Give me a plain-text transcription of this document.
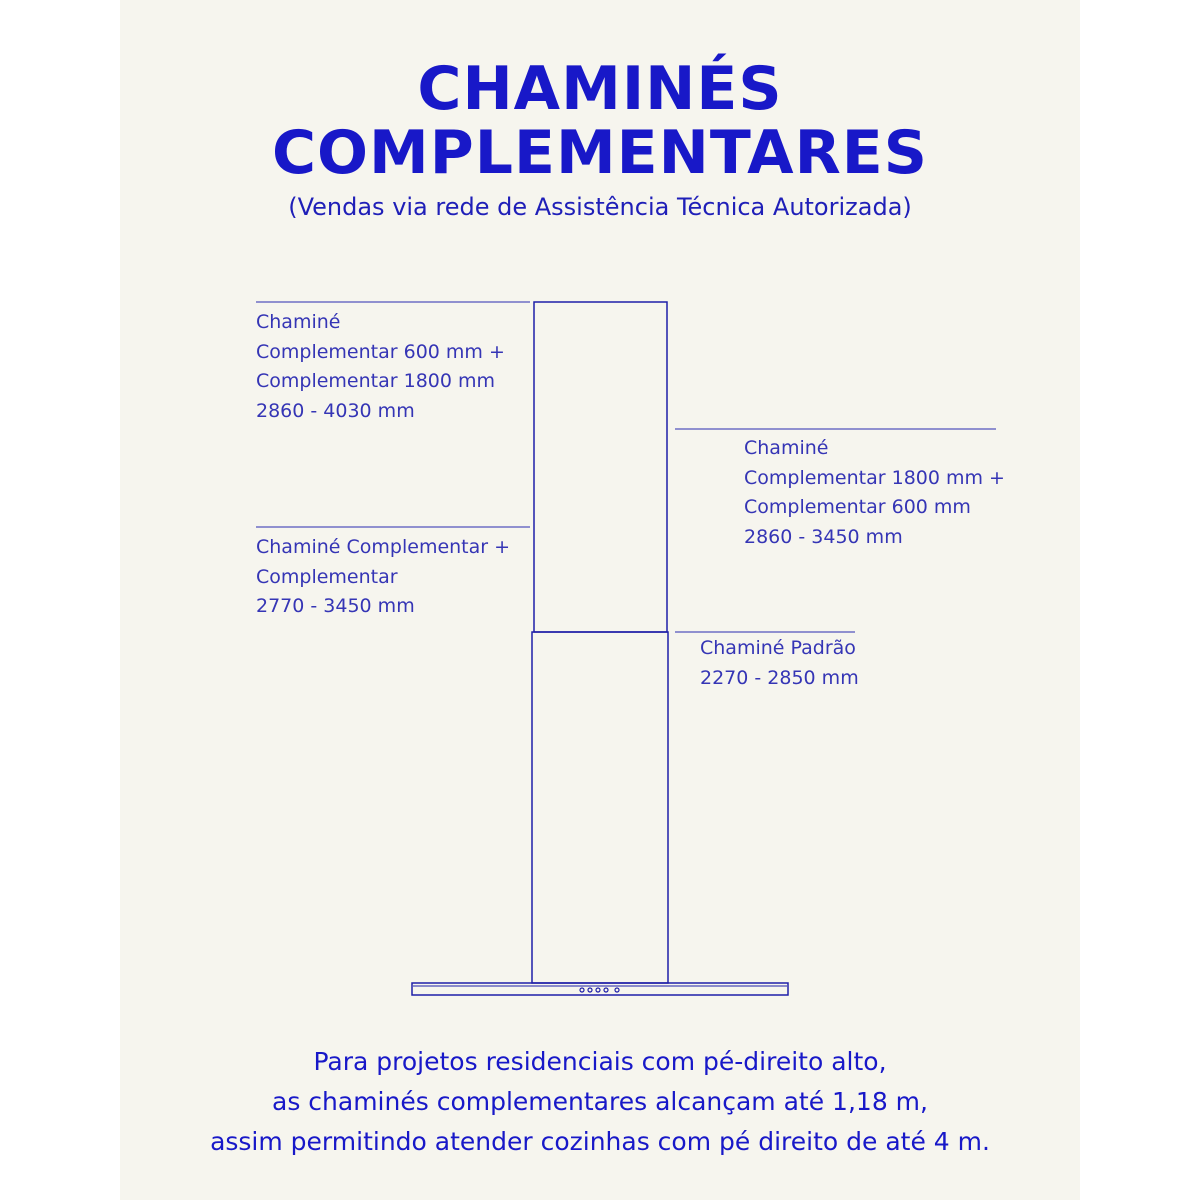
CHAMINÉS
COMPLEMENTARES
(Vendas via rede de Assistência Técnica Autorizada)
Chaminé
Complementar 600 mm +
Complementar 1800 mm
2860 - 4030 mm
Chaminé
Complementar 1800 mm +
Complementar 600 mm
2860 - 3450 mm
Chaminé Complementar +
Complementar
2770 - 3450 mm
Chaminé Padrão
2270 - 2850 mm
Para projetos residenciais com pé-direito alto,
as chaminés complementares alcançam até 1,18 m,
assim permitindo atender cozinhas com pé direito de até 4 m.
